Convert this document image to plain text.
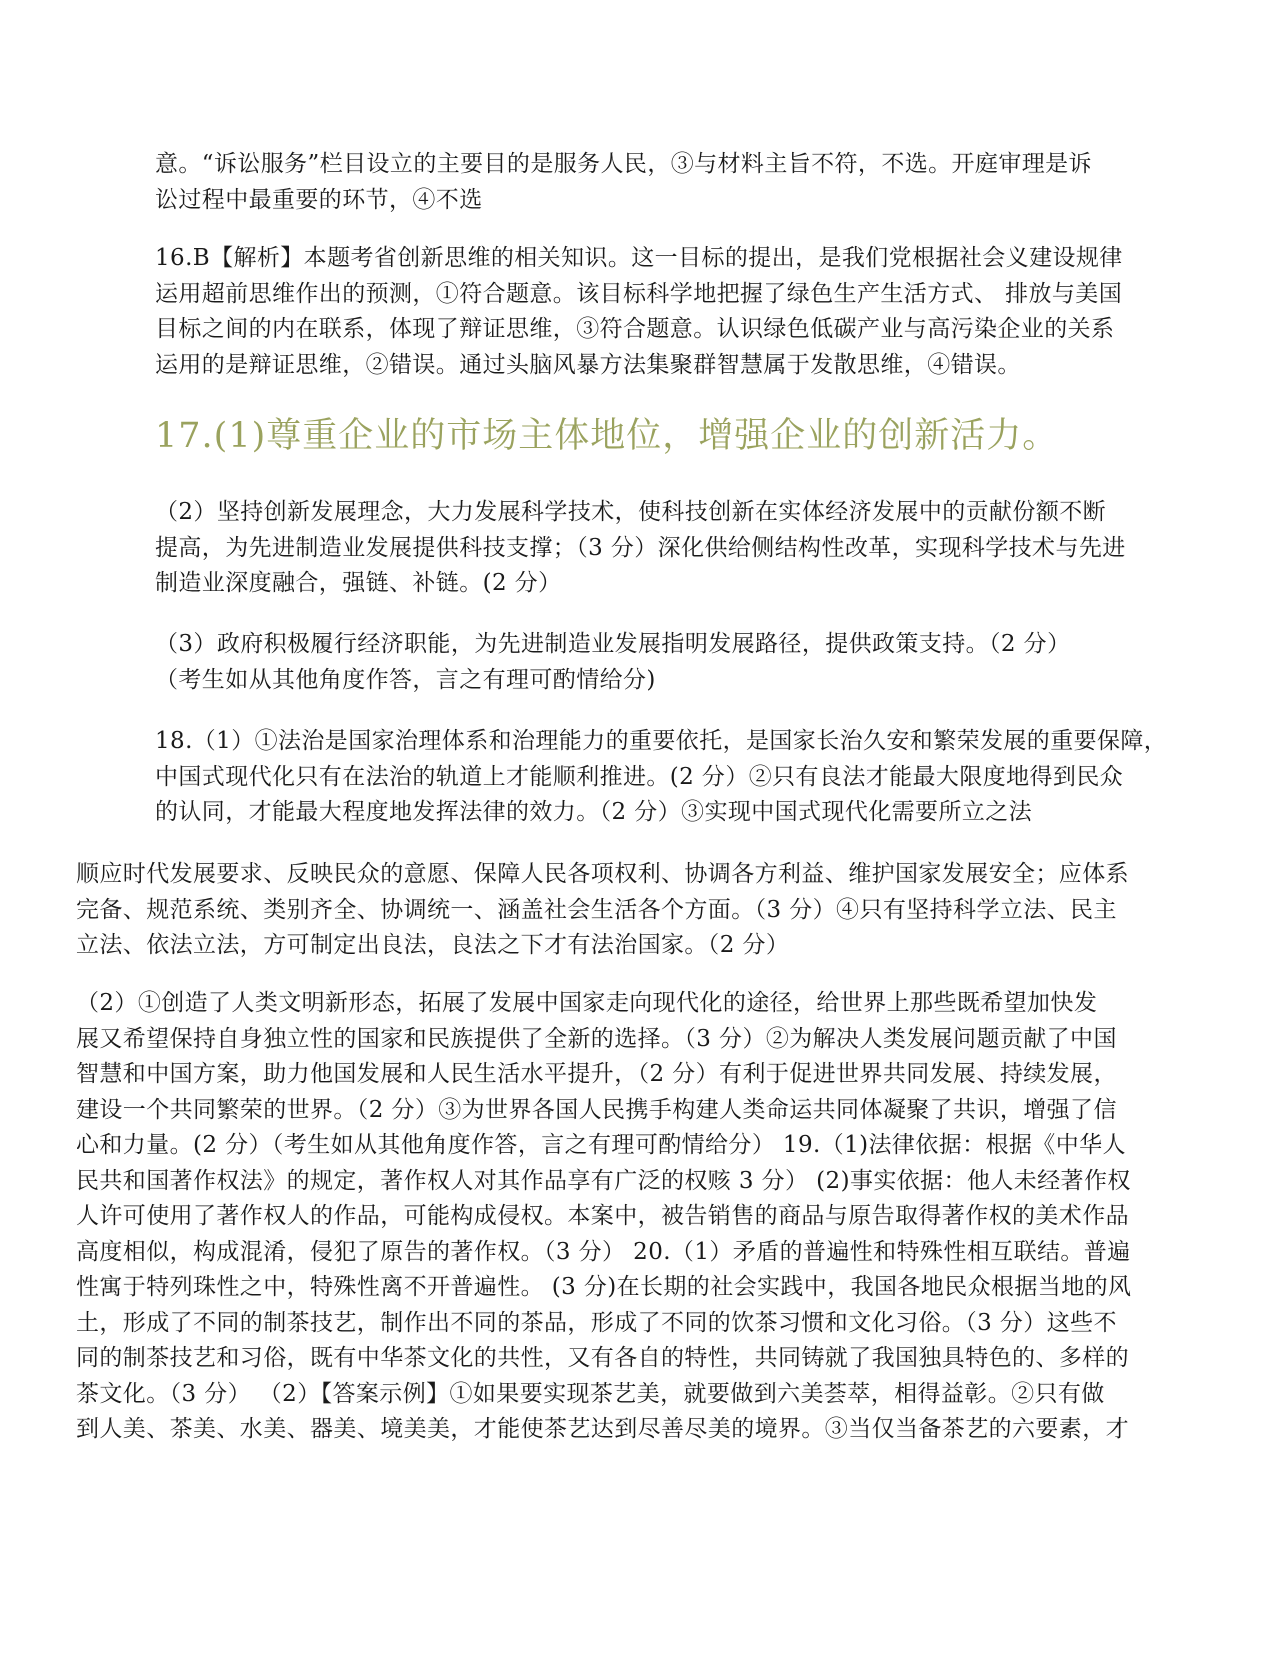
意。“诉讼服务”栏目设立的主要目的是服务人民，③与材料主旨不符，不选。开庭审理是诉
讼过程中最重要的环节，④不选
16.B【解析】本题考省创新思维的相关知识。这一目标的提出，是我们党根据社会义建设规律
运用超前思维作出的预测，①符合题意。该目标科学地把握了绿色生产生活方式、 排放与美国
目标之间的内在联系，体现了辩证思维，③符合题意。认识绿色低碳产业与高污染企业的关系
运用的是辩证思维，②错误。通过头脑风暴方法集聚群智慧属于发散思维，④错误。
17.(1)尊重企业的市场主体地位，增强企业的创新活力。
（2）坚持创新发展理念，大力发展科学技术，使科技创新在实体经济发展中的贡献份额不断
提高，为先进制造业发展提供科技支撑；（3 分）深化供给侧结构性改革，实现科学技术与先进
制造业深度融合，强链、补链。(2 分）
（3）政府积极履行经济职能，为先进制造业发展指明发展路径，提供政策支持。（2 分）
（考生如从其他角度作答，言之有理可酌情给分)
18.（1）①法治是国家治理体系和治理能力的重要依托，是国家长治久安和繁荣发展的重要保障，
中国式现代化只有在法治的轨道上才能顺利推进。(2 分）②只有良法才能最大限度地得到民众
的认同，才能最大程度地发挥法律的效力。（2 分）③实现中国式现代化需要所立之法
顺应时代发展要求、反映民众的意愿、保障人民各项权利、协调各方利益、维护国家发展安全；应体系
完备、规范系统、类别齐全、协调统一、涵盖社会生活各个方面。（3 分）④只有坚持科学立法、民主
立法、依法立法，方可制定出良法，良法之下才有法治国家。（2 分）
（2）①创造了人类文明新形态，拓展了发展中国家走向现代化的途径，给世界上那些既希望加快发
展又希望保持自身独立性的国家和民族提供了全新的选择。（3 分）②为解决人类发展问题贡献了中国
智慧和中国方案，助力他国发展和人民生活水平提升，（2 分）有利于促进世界共同发展、持续发展，
建设一个共同繁荣的世界。（2 分）③为世界各国人民携手构建人类命运共同体凝聚了共识，增强了信
心和力量。(2 分）（考生如从其他角度作答，言之有理可酌情给分） 19.（1)法律依据：根据《中华人
民共和国著作权法》的规定，著作权人对其作品享有广泛的权赅 3 分） (2)事实依据：他人未经著作权
人许可使用了著作权人的作品，可能构成侵权。本案中，被告销售的商品与原告取得著作权的美术作品
高度相似，构成混淆，侵犯了原告的著作权。（3 分） 20.（1）矛盾的普遍性和特殊性相互联结。普遍
性寓于特列珠性之中，特殊性离不开普遍性。 (3 分)在长期的社会实践中，我国各地民众根据当地的风
土，形成了不同的制茶技艺，制作出不同的茶品，形成了不同的饮茶习惯和文化习俗。（3 分）这些不
同的制茶技艺和习俗，既有中华茶文化的共性，又有各自的特性，共同铸就了我国独具特色的、多样的
茶文化。（3 分） （2）【答案示例】①如果要实现茶艺美，就要做到六美荟萃，相得益彰。②只有做
到人美、茶美、水美、器美、境美美，才能使茶艺达到尽善尽美的境界。③当仅当备茶艺的六要素，才
